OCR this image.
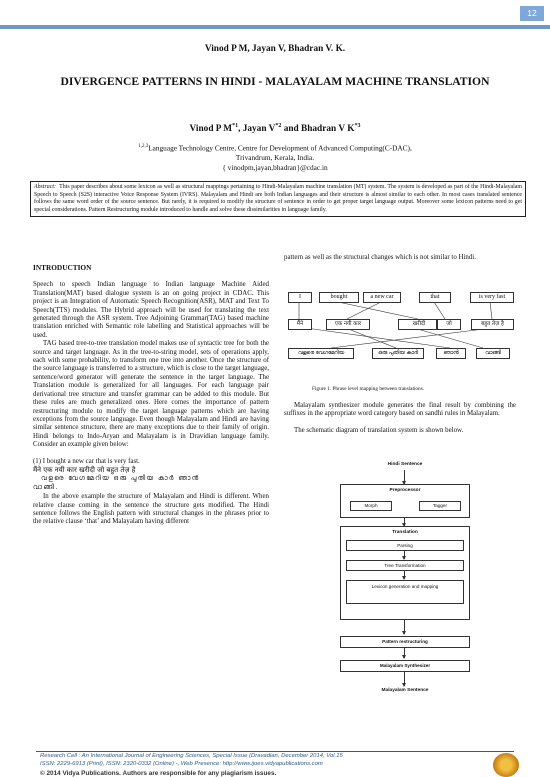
12
Vinod P M, Jayan V, Bhadran V. K.
DIVERGENCE PATTERNS IN HINDI - MALAYALAM MACHINE TRANSLATION
Vinod P $M^{*1}$, Jayan $V^{*2}$ and Bhadran V $K^{*3}$
$^{1,2,3}$Language Technology Centre, Centre for Development of Advanced Computing(C-DAC),
Trivandrum, Kerala, India.
{ vinodpm,jayan,bhadran}@cdac.in
Abstract: This paper describes about some lexicon as well as structural mappings pertaining to Hindi-Malayalam machine translation (MT) system. The system is developed as part of the Hindi-Malayalam Speech to Speech (S2S) interactive Voice Response System (IVRS). Malayalam and Hindi are both Indian languages and their structure is almost similar to each other. In most cases translated sentence follows the same word order of the source sentence. But rarely, it is required to modify the structure of sentence in order to get proper target language output. Moreover some lexicon patterns need to get special considerations. Pattern Restructuring module introduced to handle and solve these dissimilarities in language family.
INTRODUCTION
Speech to speech Indian language to Indian language Machine Aided Translation(MAT) based dialogue system is an on going project in CDAC. This project is an Integration of Automatic Speech Recognition(ASR), MAT and Text To Speech(TTS) modules. The Hybrid approach will be used for translating the text generated through the ASR system. Tree Adjoining Grammar(TAG) based machine translation enriched with Semantic role labelling and Statistical approaches will be used.
TAG based tree-to-tree translation model makes use of syntactic tree for both the source and target language. As in the tree-to-string model, sets of operations apply, each with some probability, to transform one tree into another. Once the structure of the source language is transferred to a structure, which is close to the target language, sentence/word generator will generate the sentence in the target language. The Translation module is generalized for all languages. For each language pair derivational tree structure and transfer grammar can be added to this module. But these rules are much generalized ones. Here comes the importance of pattern restructuring module to modify the target language patterns which are having exceptions from the source language. Even though Malayalam and Hindi are having similar sentence structure, there are many exceptions due to their family of origin. Hindi belongs to Indo-Aryan and Malayalam is in Dravidian language family. Consider an example given below:
(1) I bought a new car that is very fast.
मैंने एक नयी कार खरीदी जो बहुत तेज़ है
വളരെ വേഗമേറിയ ഒരു പുതിയ കാർ ഞാൻ
വാങ്ങി.
In the above example the structure of Malayalam and Hindi is different. When relative clause coming in the sentence the structure gets modified. The Hindi sentence follows the English pattern with structural changes in the phrases prior to the relative clause ‘that’ and Malayalam having different
pattern as well as the structural changes which is not similar to Hindi.
I	bought	a new car	that	is very fast
मैंने	एक नयी कार	खरीदी	बहुत तेज़ है
जो
വളരെ വേഗമേറിയ	ഒരു പുതിയ കാർ	ഞാൻ	വാങ്ങി
Figure 1. Phrase level mapping between translations.
Malayalam synthesizer module generates the final result by combining the suffixes in the appropriate word category based on sandhi rules in Malayalam.
The schematic diagram of translation system is shown below.
Hindi Sentence
Preprocessor
Morph	Tagger
Translation
Parsing
Tree Transformation
Lexicon generation and mapping
Pattern restructuring
Malayalam Synthesizer
Malayalam Sentence
Research Cell : An International Journal of Engineering Sciences, Special Issue (Dravadian, December 2014, Vol.15
ISSN: 2229-6913 (Print), ISSN: 2320-0332 (Online) -, Web Presence: http://www.ijoes.vidyapublications.com
© 2014 Vidya Publications. Authors are responsible for any plagiarism issues.
